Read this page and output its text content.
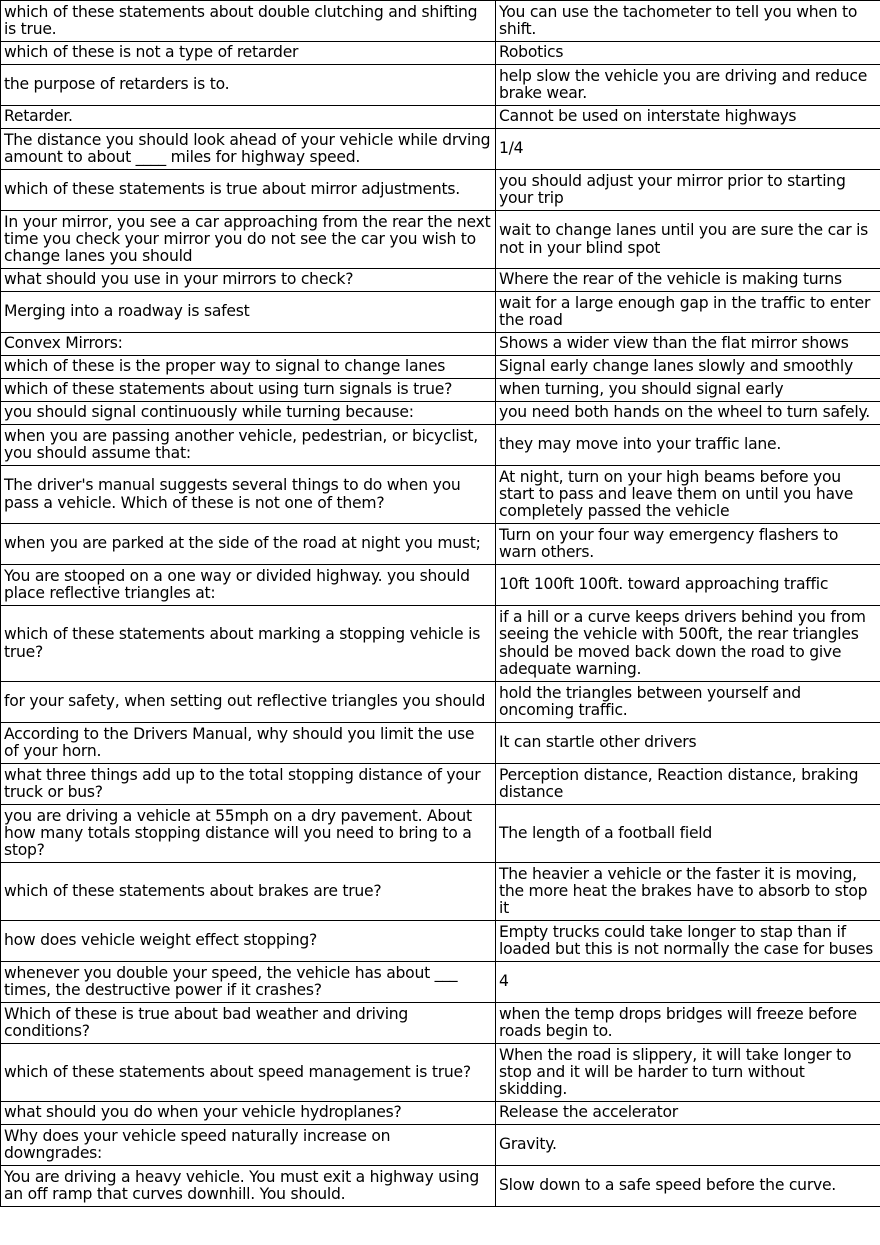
which of these statements about double clutching and shifting is true.	You can use the tachometer to tell you when to shift.
which of these is not a type of retarder	Robotics
the purpose of retarders is to.	help slow the vehicle you are driving and reduce brake wear.
Retarder.	Cannot be used on interstate highways
The distance you should look ahead of your vehicle while drving amount to about ____ miles for highway speed.	1/4
which of these statements is true about mirror adjustments.	you should adjust your mirror prior to starting your trip
In your mirror, you see a car approaching from the rear the next time you check your mirror you do not see the car you wish to change lanes you should	wait to change lanes until you are sure the car is not in your blind spot
what should you use in your mirrors to check?	Where the rear of the vehicle is making turns
Merging into a roadway is safest	wait for a large enough gap in the traffic to enter the road
Convex Mirrors:	Shows a wider view than the flat mirror shows
which of these is the proper way to signal to change lanes	Signal early change lanes slowly and smoothly
which of these statements about using turn signals is true?	when turning, you should signal early
you should signal continuously while turning because:	you need both hands on the wheel to turn safely.
when you are passing another vehicle, pedestrian, or bicyclist, you should assume that:	they may move into your traffic lane.
The driver's manual suggests several things to do when you pass a vehicle. Which of these is not one of them?	At night, turn on your high beams before you start to pass and leave them on until you have completely passed the vehicle
when you are parked at the side of the road at night you must;	Turn on your four way emergency flashers to warn others.
You are stooped on a one way or divided highway. you should place reflective triangles at:	10ft 100ft 100ft. toward approaching traffic
which of these statements about marking a stopping vehicle is true?	if a hill or a curve keeps drivers behind you from seeing the vehicle with 500ft, the rear triangles should be moved back down the road to give adequate warning.
for your safety, when setting out reflective triangles you should	hold the triangles between yourself and oncoming traffic.
According to the Drivers Manual, why should you limit the use of your horn.	It can startle other drivers
what three things add up to the total stopping distance of your truck or bus?	Perception distance, Reaction distance, braking distance
you are driving a vehicle at 55mph on a dry pavement. About how many totals stopping distance will you need to bring to a stop?	The length of a football field
which of these statements about brakes are true?	The heavier a vehicle or the faster it is moving, the more heat the brakes have to absorb to stop it
how does vehicle weight effect stopping?	Empty trucks could take longer to stap than if loaded but this is not normally the case for buses
whenever you double your speed, the vehicle has about ___ times, the destructive power if it crashes?	4
Which of these is true about bad weather and driving conditions?	when the temp drops bridges will freeze before roads begin to.
which of these statements about speed management is true?	When the road is slippery, it will take longer to stop and it will be harder to turn without skidding.
what should you do when your vehicle hydroplanes?	Release the accelerator
Why does your vehicle speed naturally increase on downgrades:	Gravity.
You are driving a heavy vehicle. You must exit a highway using an off ramp that curves downhill. You should.	Slow down to a safe speed before the curve.
